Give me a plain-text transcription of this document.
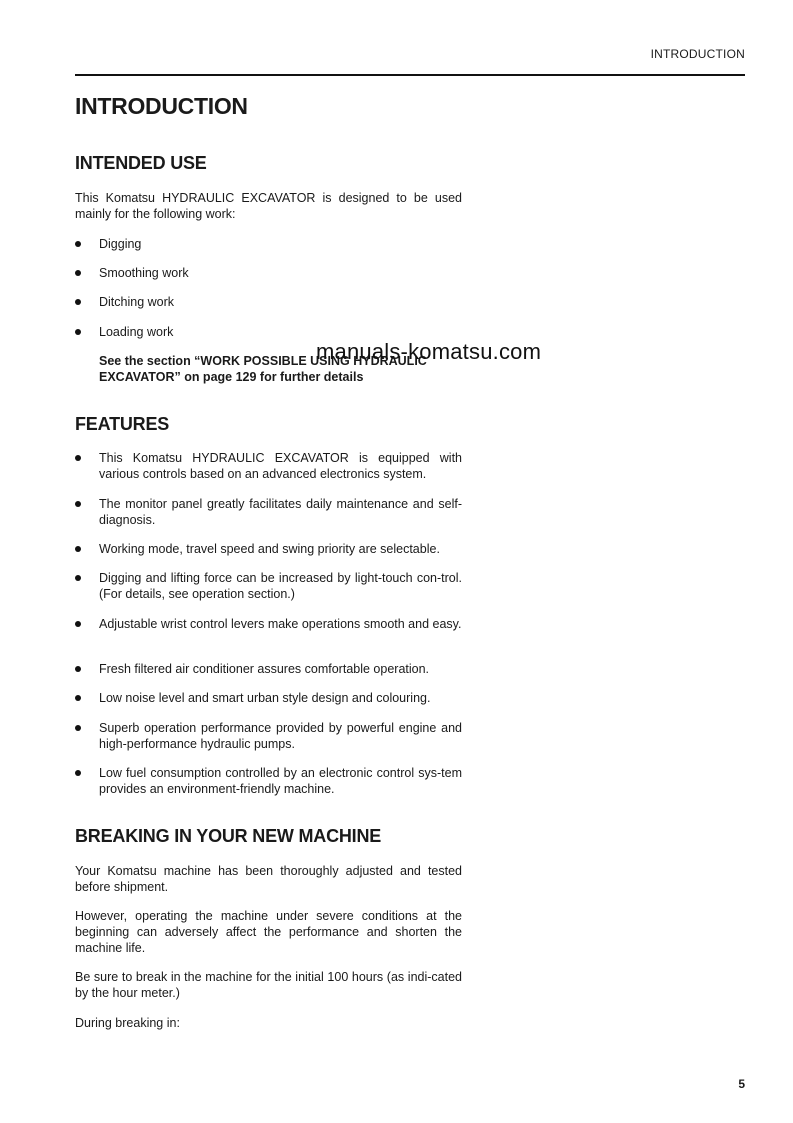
INTRODUCTION
INTRODUCTION
INTENDED USE

This Komatsu HYDRAULIC EXCAVATOR is designed to be used mainly for the following work:

Digging
Smoothing work
Ditching work
Loading work

See the section “WORK POSSIBLE USING HYDRAULIC EXCAVATOR” on page 129 for further details

manuals-komatsu.com
FEATURES
This Komatsu HYDRAULIC EXCAVATOR is equipped with various controls based on an advanced electronics system.
The monitor panel greatly facilitates daily maintenance and self-diagnosis.
Working mode, travel speed and swing priority are selectable.
Digging and lifting force can be increased by light-touch con-trol. (For details, see operation section.)
Adjustable wrist control levers make operations smooth and easy.
Fresh filtered air conditioner assures comfortable operation.
Low noise level and smart urban style design and colouring.
Superb operation performance provided by powerful engine and high-performance hydraulic pumps.
Low fuel consumption controlled by an electronic control sys-tem provides an environment-friendly machine.
BREAKING IN YOUR NEW MACHINE

Your Komatsu machine has been thoroughly adjusted and tested before shipment.

However, operating the machine under severe conditions at the beginning can adversely affect the performance and shorten the machine life.

Be sure to break in the machine for the initial 100 hours (as indi-cated by the hour meter.)

During breaking in:

5
